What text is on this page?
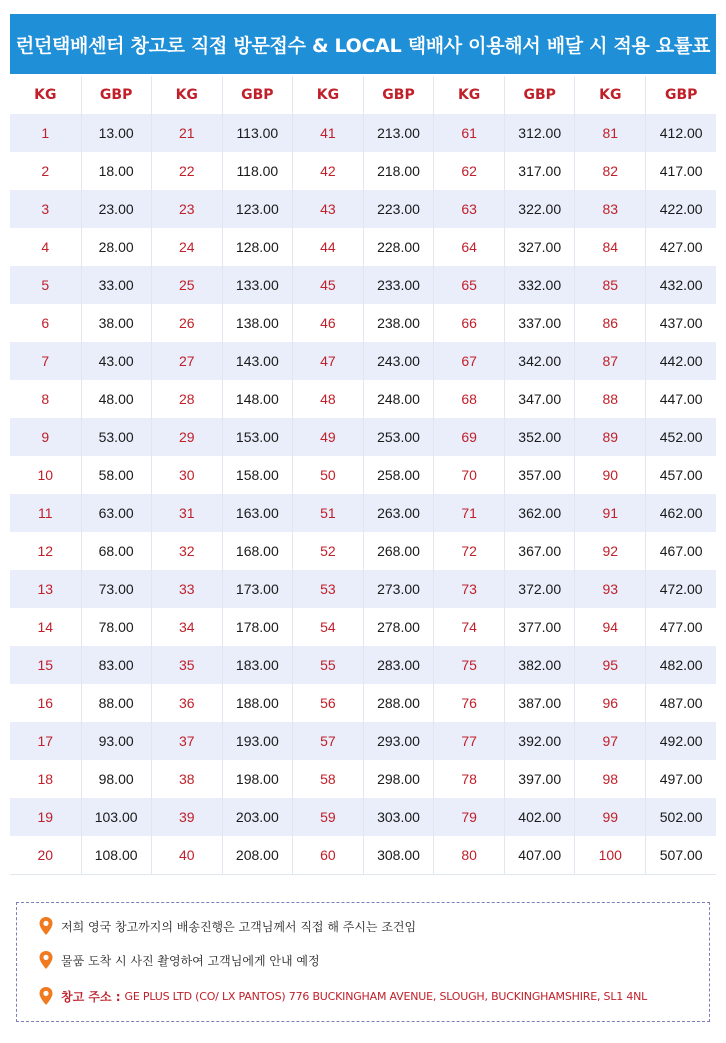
런던택배센터 창고로 직접 방문접수 & LOCAL 택배사 이용해서 배달 시 적용 요률표
KG	GBP	KG	GBP	KG	GBP	KG	GBP	KG	GBP
1	13.00	21	113.00	41	213.00	61	312.00	81	412.00
2	18.00	22	118.00	42	218.00	62	317.00	82	417.00
3	23.00	23	123.00	43	223.00	63	322.00	83	422.00
4	28.00	24	128.00	44	228.00	64	327.00	84	427.00
5	33.00	25	133.00	45	233.00	65	332.00	85	432.00
6	38.00	26	138.00	46	238.00	66	337.00	86	437.00
7	43.00	27	143.00	47	243.00	67	342.00	87	442.00
8	48.00	28	148.00	48	248.00	68	347.00	88	447.00
9	53.00	29	153.00	49	253.00	69	352.00	89	452.00
10	58.00	30	158.00	50	258.00	70	357.00	90	457.00
11	63.00	31	163.00	51	263.00	71	362.00	91	462.00
12	68.00	32	168.00	52	268.00	72	367.00	92	467.00
13	73.00	33	173.00	53	273.00	73	372.00	93	472.00
14	78.00	34	178.00	54	278.00	74	377.00	94	477.00
15	83.00	35	183.00	55	283.00	75	382.00	95	482.00
16	88.00	36	188.00	56	288.00	76	387.00	96	487.00
17	93.00	37	193.00	57	293.00	77	392.00	97	492.00
18	98.00	38	198.00	58	298.00	78	397.00	98	497.00
19	103.00	39	203.00	59	303.00	79	402.00	99	502.00
20	108.00	40	208.00	60	308.00	80	407.00	100	507.00
저희 영국 창고까지의 배송진행은 고객님께서 직접 해 주시는 조건임
물품 도착 시 사진 촬영하여 고객님에게 안내 예정
창고 주소 : GE PLUS LTD (CO/ LX PANTOS) 776 BUCKINGHAM AVENUE, SLOUGH, BUCKINGHAMSHIRE, SL1 4NL
